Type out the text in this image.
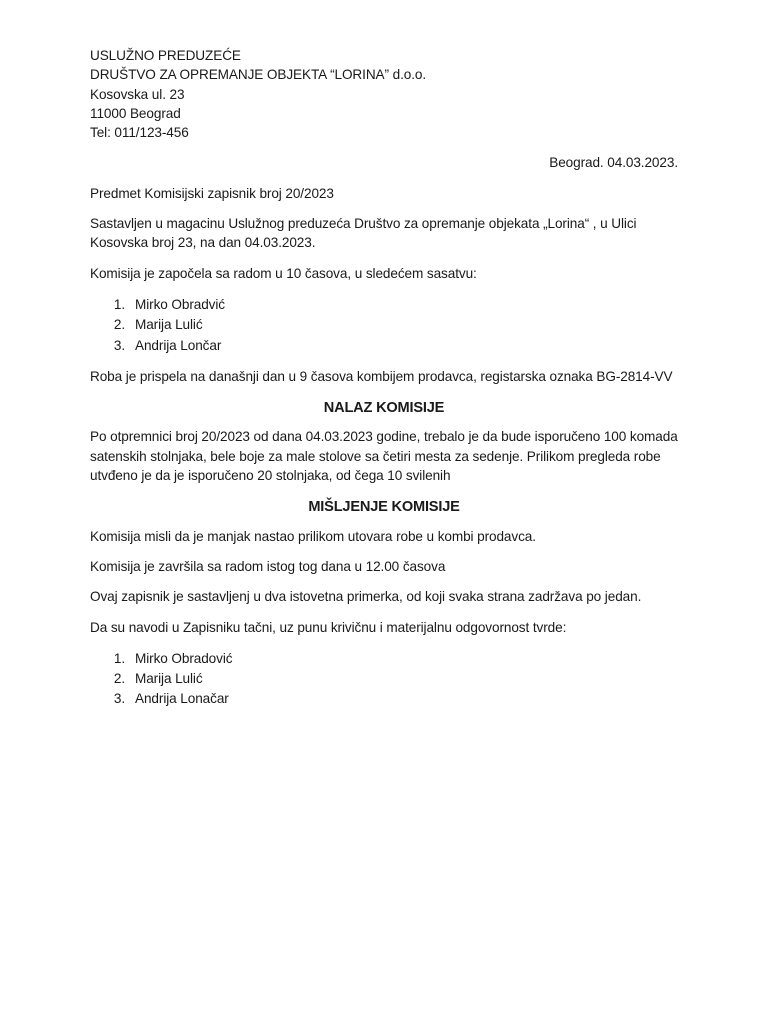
USLUŽNO PREDUZEĆE
DRUŠTVO ZA OPREMANJE OBJEKTA “LORINA” d.o.o.
Kosovska ul. 23
11000 Beograd
Tel: 011/123-456

Beograd. 04.03.2023.

Predmet Komisijski zapisnik broj 20/2023

Sastavljen u magacinu Uslužnog preduzeća Društvo za opremanje objekata „Lorina“ , u Ulici Kosovska broj 23, na dan 04.03.2023.

Komisija je započela sa radom u 10 časova, u sledećem sasatvu:

1. Mirko Obradvić
2. Marija Lulić
3. Andrija Lončar

Roba je prispela na današnji dan u 9 časova kombijem prodavca, registarska oznaka BG-2814-VV

NALAZ KOMISIJE

Po otpremnici broj 20/2023 od dana 04.03.2023 godine, trebalo je da bude isporučeno 100 komada satenskih stolnjaka, bele boje za male stolove sa četiri mesta za sedenje. Prilikom pregleda robe utvđeno je da je isporučeno 20 stolnjaka, od čega 10 svilenih

MIŠLJENJE KOMISIJE

Komisija misli da je manjak nastao prilikom utovara robe u kombi prodavca.

Komisija je završila sa radom istog tog dana u 12.00 časova

Ovaj zapisnik je sastavljenj u dva istovetna primerka, od koji svaka strana zadržava po jedan.

Da su navodi u Zapisniku tačni, uz punu krivičnu i materijalnu odgovornost tvrde:

1. Mirko Obradović
2. Marija Lulić
3. Andrija Lonačar
